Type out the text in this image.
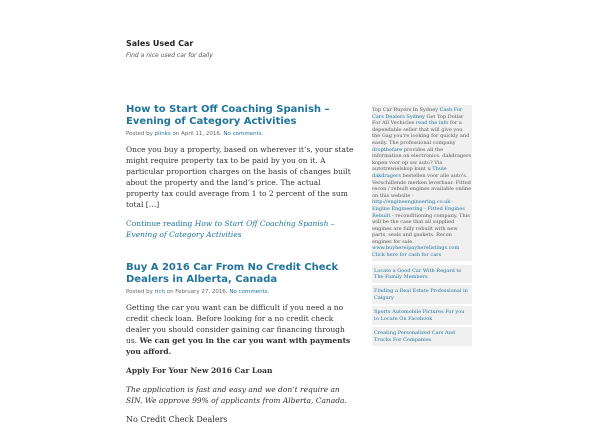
Sales Used Car
Find a nice used car for daily
How to Start Off Coaching Spanish – Evening of Category Activities
Posted by plinks on April 11, 2016. No comments.

Once you buy a property, based on wherever it’s, your state might require property tax to be paid by you on it. A particular proportion charges on the basis of changes built about the property and the land’s price. The actual property tax could average from 1 to 2 percent of the sum total […]

Continue reading How to Start Off Coaching Spanish – Evening of Category Activities
Buy A 2016 Car From No Credit Check Dealers in Alberta, Canada
Posted by rich on February 27, 2016. No comments.

Getting the car you want can be difficult if you need a no credit check loan. Before looking for a no credit check dealer you should consider gaining car financing through us. We can get you in the car you want with payments you afford.

Apply For Your New 2016 Car Loan

The application is fast and easy and we don’t require an SIN. We approve 99% of applicants from Alberta, Canada.

No Credit Check Dealers

Top Car Buyers In Sydney Cash For Cars Dealers Sydney Get Top Dollar For All Vechicles read the info for a dependable seller that will give you the Gag you're looking for quickly and easily. The professional company dropthefare provides all the information on electronics. dakdragers kopen voor op uw auto? Via autotrewielskop kunt u Thule dakdragers bestellen voor alle auto's. Verschillende merken leverbaar. Fitted recon / rebuilt engines available online on this website - http://engineengineering.co.uk - Engine Engineering - Fitted Engines Rebuilt - reconditioning company. This will be the case that all supplied engines are fully rebuilt with new parts, seals and gaskets. Recon engines for sale. www.buyhereipayherelistings.com Click here for cash for cars

Locate a Good Car With Regard to The Family Members
Finding a Real Estate Professional in Calgary
Sports Automobile Pictures For you to Locate On Facebook
Creating Personalized Cars And Trucks For Companies
